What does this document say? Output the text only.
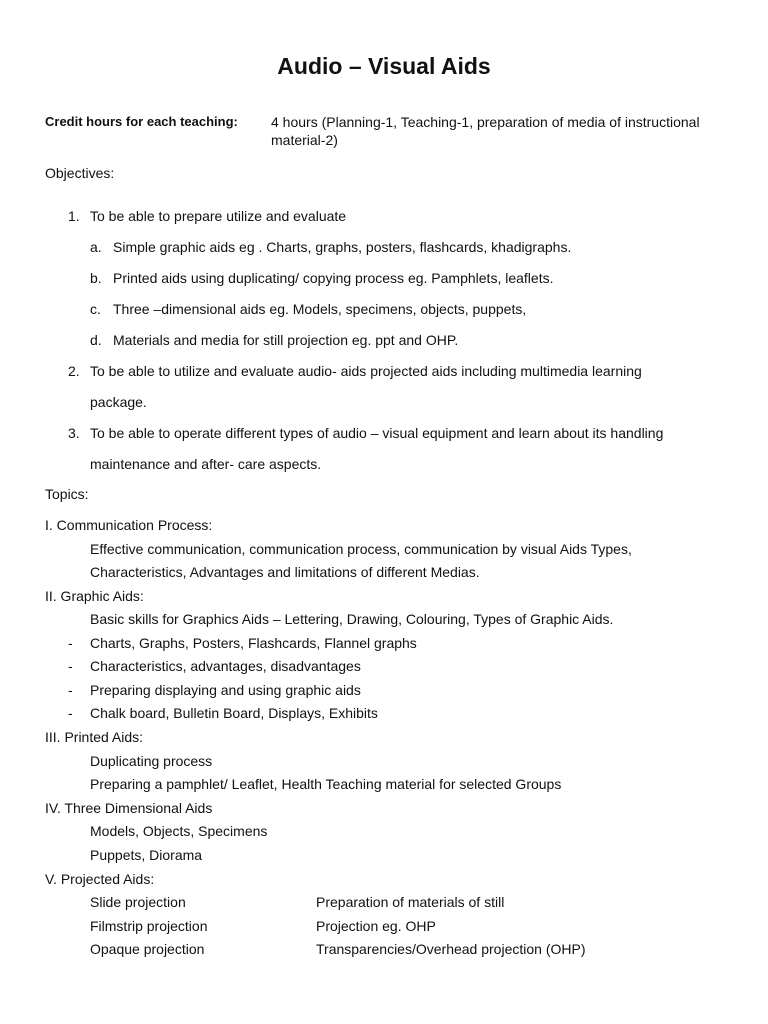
Audio – Visual Aids
Credit hours for each teaching: 4 hours (Planning-1, Teaching-1, preparation of media of instructional
material-2)
Objectives:
1. To be able to prepare utilize and evaluate
a. Simple graphic aids eg . Charts, graphs, posters, flashcards, khadigraphs.
b. Printed aids using duplicating/ copying process eg. Pamphlets, leaflets.
c. Three –dimensional aids eg. Models, specimens, objects, puppets,
d. Materials and media for still projection eg. ppt and OHP.
2. To be able to utilize and evaluate audio- aids projected aids including multimedia learning
package.
3. To be able to operate different types of audio – visual equipment and learn about its handling
maintenance and after- care aspects.
Topics:
I. Communication Process:
Effective communication, communication process, communication by visual Aids Types,
Characteristics, Advantages and limitations of different Medias.
II. Graphic Aids:
Basic skills for Graphics Aids – Lettering, Drawing, Colouring, Types of Graphic Aids.
- Charts, Graphs, Posters, Flashcards, Flannel graphs
- Characteristics, advantages, disadvantages
- Preparing displaying and using graphic aids
- Chalk board, Bulletin Board, Displays, Exhibits
III. Printed Aids:
Duplicating process
Preparing a pamphlet/ Leaflet, Health Teaching material for selected Groups
IV. Three Dimensional Aids
Models, Objects, Specimens
Puppets, Diorama
V. Projected Aids:
Slide projection	Preparation of materials of still
Filmstrip projection	Projection eg. OHP
Opaque projection	Transparencies/Overhead projection (OHP)
